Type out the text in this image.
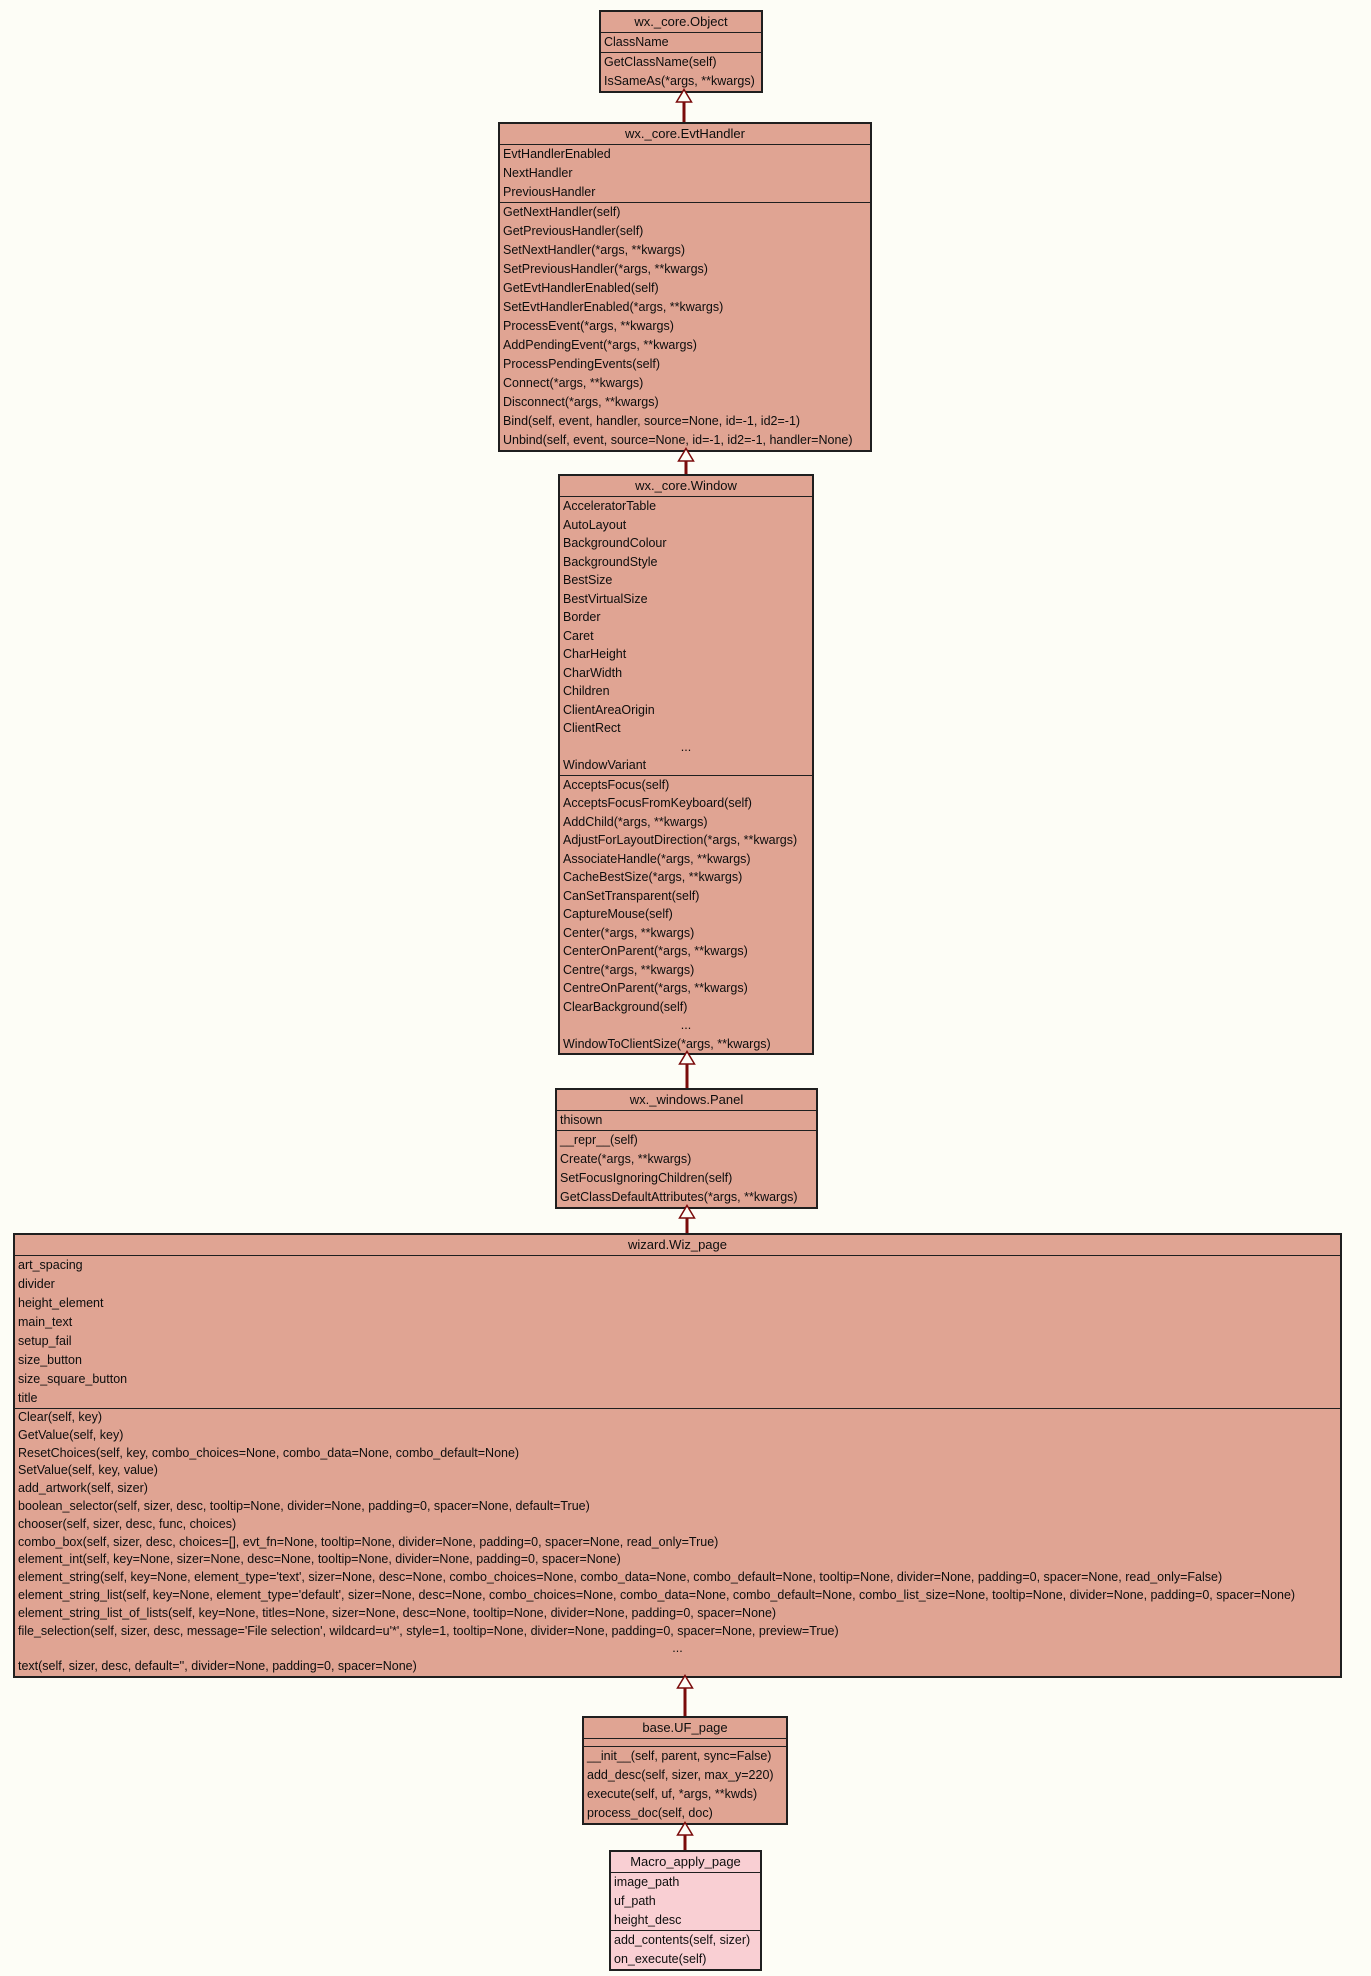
wx._core.Object
ClassName
GetClassName(self)
IsSameAs(*args, **kwargs)
wx._core.EvtHandler
EvtHandlerEnabled
NextHandler
PreviousHandler
GetNextHandler(self)
GetPreviousHandler(self)
SetNextHandler(*args, **kwargs)
SetPreviousHandler(*args, **kwargs)
GetEvtHandlerEnabled(self)
SetEvtHandlerEnabled(*args, **kwargs)
ProcessEvent(*args, **kwargs)
AddPendingEvent(*args, **kwargs)
ProcessPendingEvents(self)
Connect(*args, **kwargs)
Disconnect(*args, **kwargs)
Bind(self, event, handler, source=None, id=-1, id2=-1)
Unbind(self, event, source=None, id=-1, id2=-1, handler=None)
wx._core.Window
AcceleratorTable
AutoLayout
BackgroundColour
BackgroundStyle
BestSize
BestVirtualSize
Border
Caret
CharHeight
CharWidth
Children
ClientAreaOrigin
ClientRect
...
WindowVariant
AcceptsFocus(self)
AcceptsFocusFromKeyboard(self)
AddChild(*args, **kwargs)
AdjustForLayoutDirection(*args, **kwargs)
AssociateHandle(*args, **kwargs)
CacheBestSize(*args, **kwargs)
CanSetTransparent(self)
CaptureMouse(self)
Center(*args, **kwargs)
CenterOnParent(*args, **kwargs)
Centre(*args, **kwargs)
CentreOnParent(*args, **kwargs)
ClearBackground(self)
...
WindowToClientSize(*args, **kwargs)
wx._windows.Panel
thisown
__repr__(self)
Create(*args, **kwargs)
SetFocusIgnoringChildren(self)
GetClassDefaultAttributes(*args, **kwargs)
wizard.Wiz_page
art_spacing
divider
height_element
main_text
setup_fail
size_button
size_square_button
title
Clear(self, key)
GetValue(self, key)
ResetChoices(self, key, combo_choices=None, combo_data=None, combo_default=None)
SetValue(self, key, value)
add_artwork(self, sizer)
boolean_selector(self, sizer, desc, tooltip=None, divider=None, padding=0, spacer=None, default=True)
chooser(self, sizer, desc, func, choices)
combo_box(self, sizer, desc, choices=[], evt_fn=None, tooltip=None, divider=None, padding=0, spacer=None, read_only=True)
element_int(self, key=None, sizer=None, desc=None, tooltip=None, divider=None, padding=0, spacer=None)
element_string(self, key=None, element_type='text', sizer=None, desc=None, combo_choices=None, combo_data=None, combo_default=None, tooltip=None, divider=None, padding=0, spacer=None, read_only=False)
element_string_list(self, key=None, element_type='default', sizer=None, desc=None, combo_choices=None, combo_data=None, combo_default=None, combo_list_size=None, tooltip=None, divider=None, padding=0, spacer=None)
element_string_list_of_lists(self, key=None, titles=None, sizer=None, desc=None, tooltip=None, divider=None, padding=0, spacer=None)
file_selection(self, sizer, desc, message='File selection', wildcard=u'*', style=1, tooltip=None, divider=None, padding=0, spacer=None, preview=True)
...
text(self, sizer, desc, default='', divider=None, padding=0, spacer=None)
base.UF_page
__init__(self, parent, sync=False)
add_desc(self, sizer, max_y=220)
execute(self, uf, *args, **kwds)
process_doc(self, doc)
Macro_apply_page
image_path
uf_path
height_desc
add_contents(self, sizer)
on_execute(self)
